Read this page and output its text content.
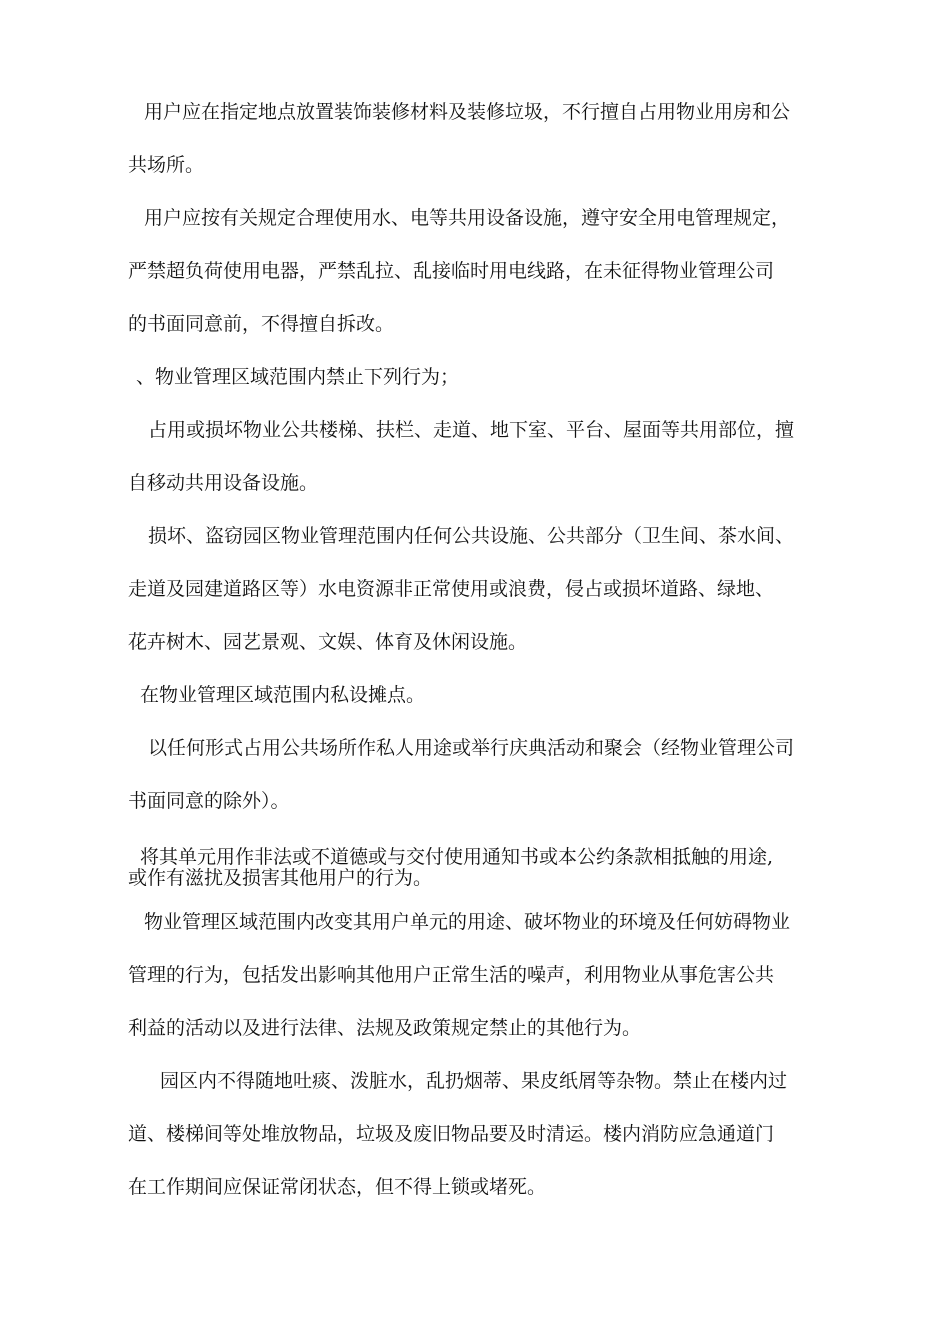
用户应在指定地点放置装饰装修材料及装修垃圾，不行擅自占用物业用房和公
共场所。
用户应按有关规定合理使用水、电等共用设备设施，遵守安全用电管理规定，
严禁超负荷使用电器，严禁乱拉、乱接临时用电线路，在未征得物业管理公司
的书面同意前，不得擅自拆改。
、物业管理区域范围内禁止下列行为；
占用或损坏物业公共楼梯、扶栏、走道、地下室、平台、屋面等共用部位，擅
自移动共用设备设施。
损坏、盗窃园区物业管理范围内任何公共设施、公共部分（卫生间、茶水间、
走道及园建道路区等）水电资源非正常使用或浪费，侵占或损坏道路、绿地、
花卉树木、园艺景观、文娱、体育及休闲设施。
在物业管理区域范围内私设摊点。
以任何形式占用公共场所作私人用途或举行庆典活动和聚会（经物业管理公司
书面同意的除外）。
将其单元用作非法或不道德或与交付使用通知书或本公约条款相抵触的用途,
或作有滋扰及损害其他用户的行为。
物业管理区域范围内改变其用户单元的用途、破坏物业的环境及任何妨碍物业
管理的行为，包括发出影响其他用户正常生活的噪声，利用物业从事危害公共
利益的活动以及进行法律、法规及政策规定禁止的其他行为。
园区内不得随地吐痰、泼脏水，乱扔烟蒂、果皮纸屑等杂物。禁止在楼内过
道、楼梯间等处堆放物品，垃圾及废旧物品要及时清运。楼内消防应急通道门
在工作期间应保证常闭状态，但不得上锁或堵死。
